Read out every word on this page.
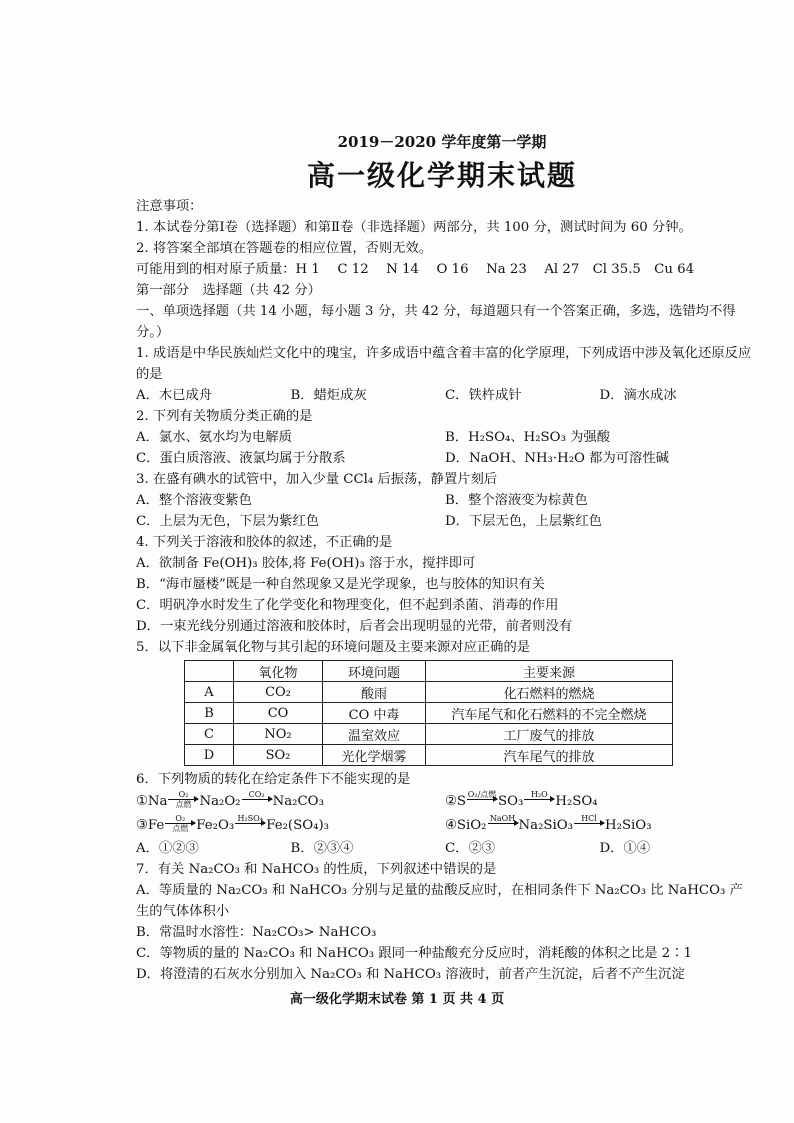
2019－2020 学年度第一学期
高一级化学期末试题
注意事项：
1. 本试卷分第Ⅰ卷（选择题）和第Ⅱ卷（非选择题）两部分，共 100 分，测试时间为 60 分钟。
2. 将答案全部填在答题卷的相应位置，否则无效。
可能用到的相对原子质量：H 1　 C 12　 N 14　 O 16　 Na 23　 Al 27　Cl 35.5　Cu 64
第一部分　选择题（共 42 分）
一、单项选择题（共 14 小题，每小题 3 分，共 42 分，每道题只有一个答案正确，多选，选错均不得分。）
1. 成语是中华民族灿烂文化中的瑰宝，许多成语中蕴含着丰富的化学原理，下列成语中涉及氧化还原反应的是
A．木已成舟	B．蜡炬成灰	C．铁杵成针	D．滴水成冰
2. 下列有关物质分类正确的是
A．氯水、氨水均为电解质	B．H₂SO₄、H₂SO₃ 为强酸
C．蛋白质溶液、液氯均属于分散系	D．NaOH、NH₃·H₂O 都为可溶性碱
3. 在盛有碘水的试管中，加入少量 CCl₄ 后振荡，静置片刻后
A．整个溶液变紫色	B．整个溶液变为棕黄色
C．上层为无色，下层为紫红色	D．下层无色，上层紫红色
4. 下列关于溶液和胶体的叙述，不正确的是
A．欲制备 Fe(OH)₃ 胶体,将 Fe(OH)₃ 溶于水，搅拌即可
B．“海市蜃楼”既是一种自然现象又是光学现象，也与胶体的知识有关
C．明矾净水时发生了化学变化和物理变化，但不起到杀菌、消毒的作用
D．一束光线分别通过溶液和胶体时，后者会出现明显的光带，前者则没有
5．以下非金属氧化物与其引起的环境问题及主要来源对应正确的是
	氧化物	环境问题	主要来源
A	CO₂	酸雨	化石燃料的燃烧
B	CO	CO 中毒	汽车尾气和化石燃料的不完全燃烧
C	NO₂	温室效应	工厂废气的排放
D	SO₂	光化学烟雾	汽车尾气的排放
6．下列物质的转化在给定条件下不能实现的是
①Na O₂
点燃 Na₂O₂ CO₂ Na₂CO₃	②S O₂/点燃 SO₃ H₂O H₂SO₄
③Fe O₂
点燃 Fe₂O₃ H₂SO₄ Fe₂(SO₄)₃	④SiO₂ NaOH Na₂SiO₃ HCl H₂SiO₃
A．①②③	B．②③④	C．②③	D．①④
7．有关 Na₂CO₃ 和 NaHCO₃ 的性质，下列叙述中错误的是
A．等质量的 Na₂CO₃ 和 NaHCO₃ 分别与足量的盐酸反应时，在相同条件下 Na₂CO₃ 比 NaHCO₃ 产生的气体体积小
B．常温时水溶性：Na₂CO₃> NaHCO₃
C．等物质的量的 Na₂CO₃ 和 NaHCO₃ 跟同一种盐酸充分反应时，消耗酸的体积之比是 2∶1
D．将澄清的石灰水分别加入 Na₂CO₃ 和 NaHCO₃ 溶液时，前者产生沉淀，后者不产生沉淀
高一级化学期末试卷 第 1 页 共 4 页
